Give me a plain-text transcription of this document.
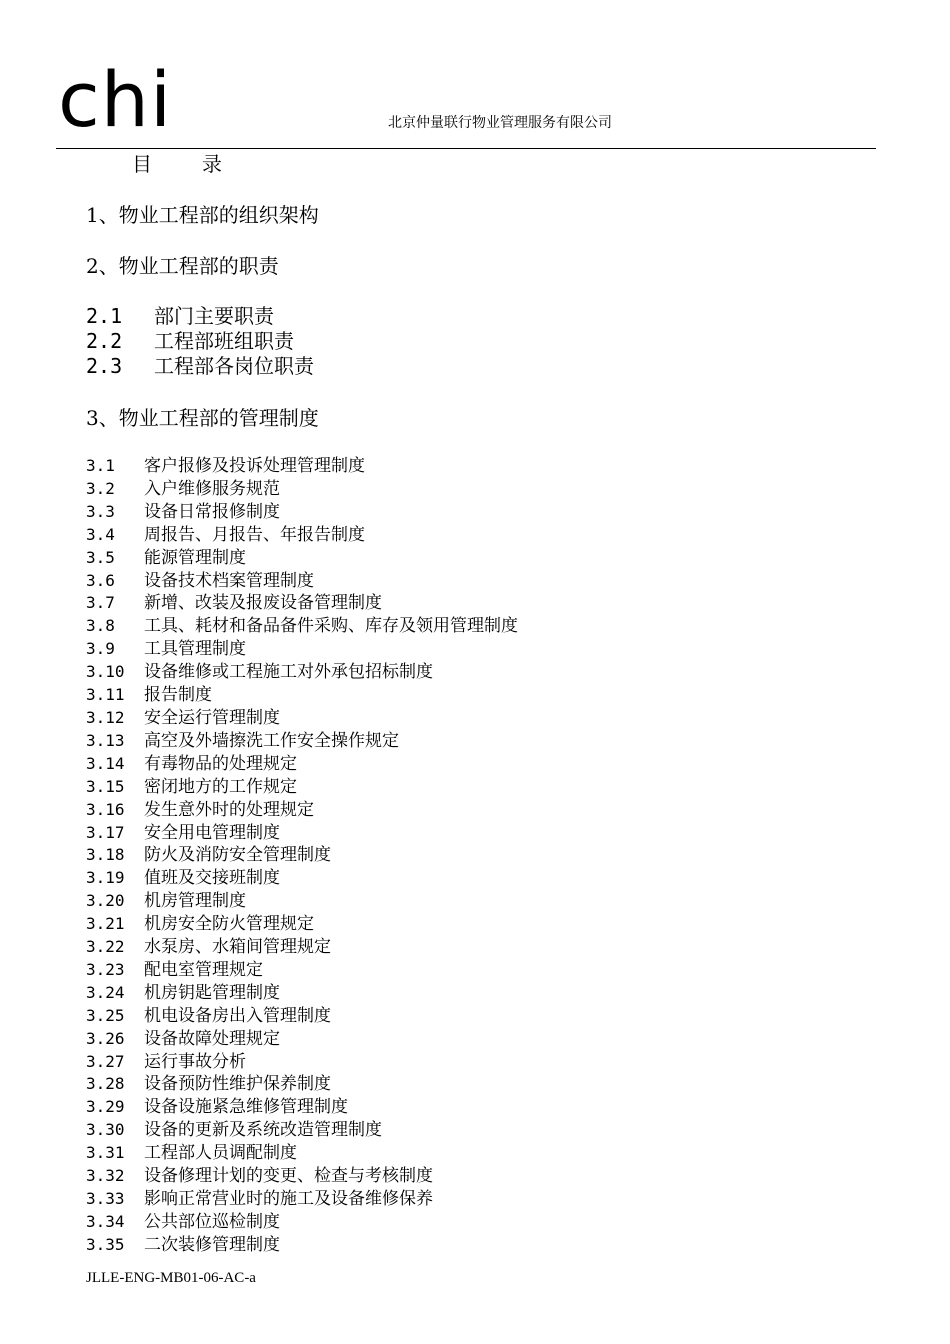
chi	北京仲量联行物业管理服务有限公司
目	录
1、物业工程部的组织架构
2、物业工程部的职责
2.1 部门主要职责
2.2 工程部班组职责
2.3 工程部各岗位职责
3、物业工程部的管理制度
3.1 客户报修及投诉处理管理制度
3.2 入户维修服务规范
3.3 设备日常报修制度
3.4 周报告、月报告、年报告制度
3.5 能源管理制度
3.6 设备技术档案管理制度
3.7 新增、改装及报废设备管理制度
3.8 工具、耗材和备品备件采购、库存及领用管理制度
3.9 工具管理制度
3.10 设备维修或工程施工对外承包招标制度
3.11 报告制度
3.12 安全运行管理制度
3.13 高空及外墙擦洗工作安全操作规定
3.14 有毒物品的处理规定
3.15 密闭地方的工作规定
3.16 发生意外时的处理规定
3.17 安全用电管理制度
3.18 防火及消防安全管理制度
3.19 值班及交接班制度
3.20 机房管理制度
3.21 机房安全防火管理规定
3.22 水泵房、水箱间管理规定
3.23 配电室管理规定
3.24 机房钥匙管理制度
3.25 机电设备房出入管理制度
3.26 设备故障处理规定
3.27 运行事故分析
3.28 设备预防性维护保养制度
3.29 设备设施紧急维修管理制度
3.30 设备的更新及系统改造管理制度
3.31 工程部人员调配制度
3.32 设备修理计划的变更、检查与考核制度
3.33 影响正常营业时的施工及设备维修保养
3.34 公共部位巡检制度
3.35 二次装修管理制度
JLLE-ENG-MB01-06-AC-a
